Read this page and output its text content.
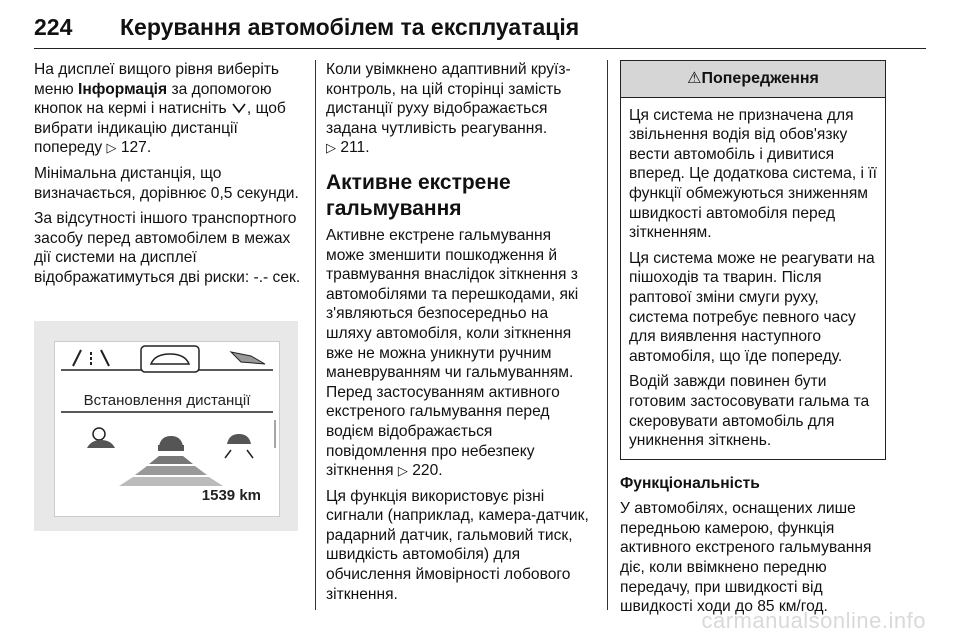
224 Керування автомобілем та експлуатація

На дисплеї вищого рівня виберіть меню Інформація за допомогою кнопок на кермі і натисніть , щоб вибрати індикацію дистанції попереду ▷ 127.

Мінімальна дистанція, що визначається, дорівнює 0,5 секунди.

За відсутності іншого транспортного засобу перед автомобілем в межах дії системи на дисплеї відображатимуться дві риски: -.- сек.

Встановлення дистанції
1539 km

Коли увімкнено адаптивний круїз-контроль, на цій сторінці замість дистанції руху відображається задана чутливість реагування.
▷ 211.

Активне екстрене гальмування

Активне екстрене гальмування може зменшити пошкодження й травмування внаслідок зіткнення з автомобілями та перешкодами, які з'являються безпосередньо на шляху автомобіля, коли зіткнення вже не можна уникнути ручним маневруванням чи гальмуванням. Перед застосуванням активного екстреного гальмування перед водієм відображається повідомлення про небезпеку зіткнення ▷ 220.

Ця функція використовує різні сигнали (наприклад, камера-датчик, радарний датчик, гальмовий тиск, швидкість автомобіля) для обчислення ймовірності лобового зіткнення.

⚠Попередження

Ця система не призначена для звільнення водія від обов'язку вести автомобіль і дивитися вперед. Це додаткова система, і її функції обмежуються зниженням швидкості автомобіля перед зіткненням.

Ця система може не реагувати на пішоходів та тварин. Після раптової зміни смуги руху, система потребує певного часу для виявлення наступного автомобіля, що їде попереду.

Водій завжди повинен бути готовим застосовувати гальма та скеровувати автомобіль для уникнення зіткнень.

Функціональність

У автомобілях, оснащених лише передньою камерою, функція активного екстреного гальмування діє, коли ввімкнено передню передачу, при швидкості від швидкості ходи до 85 км/год.

carmanualsonline.info
